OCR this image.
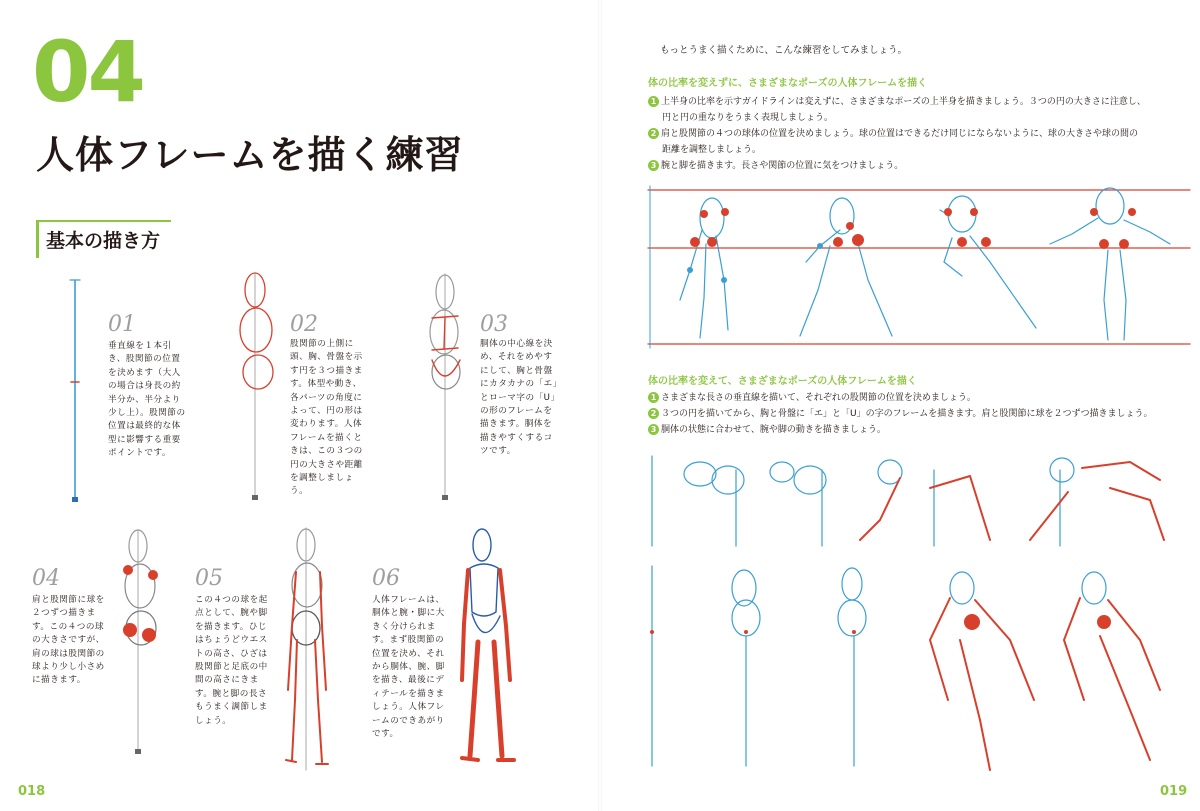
04
人体フレームを描く練習
基本の描き方
01
垂直線を１本引き、股関節の位置を決めます（大人の場合は身長の約半分か、半分より少し上）。股関節の位置は最終的な体型に影響する重要ポイントです。
02
股関節の上側に頭、胸、骨盤を示す円を３つ描きます。体型や動き、各パーツの角度によって、円の形は変わります。人体フレームを描くときは、この３つの円の大きさや距離を調整しましょう。
03
胴体の中心線を決め、それをめやすにして、胸と骨盤にカタカナの「エ」とローマ字の「U」の形のフレームを描きます。胴体を描きやすくするコツです。
04
肩と股関節に球を２つずつ描きます。この４つの球の大きさですが、肩の球は股関節の球より少し小さめに描きます。
05
この４つの球を起点として、腕や脚を描きます。ひじはちょうどウエストの高さ、ひざは股関節と足底の中間の高さにきます。腕と脚の長さもうまく調節しましょう。
06
人体フレームは、胴体と腕・脚に大きく分けられます。まず股関節の位置を決め、それから胴体、腕、脚を描き、最後にディテールを描きましょう。人体フレームのできあがりです。
018
もっとうまく描くために、こんな練習をしてみましょう。
体の比率を変えずに、さまざまなポーズの人体フレームを描く
1 上半身の比率を示すガイドラインは変えずに、さまざまなポーズの上半身を描きましょう。３つの円の大きさに注意し、
円と円の重なりをうまく表現しましょう。
2 肩と股関節の４つの球体の位置を決めましょう。球の位置はできるだけ同じにならないように、球の大きさや球の間の
距離を調整しましょう。
3 腕と脚を描きます。長さや関節の位置に気をつけましょう。
体の比率を変えて、さまざまなポーズの人体フレームを描く
1 さまざまな長さの垂直線を描いて、それぞれの股関節の位置を決めましょう。
2 ３つの円を描いてから、胸と骨盤に「エ」と「U」の字のフレームを描きます。肩と股関節に球を２つずつ描きましょう。
3 胴体の状態に合わせて、腕や脚の動きを描きましょう。
019
